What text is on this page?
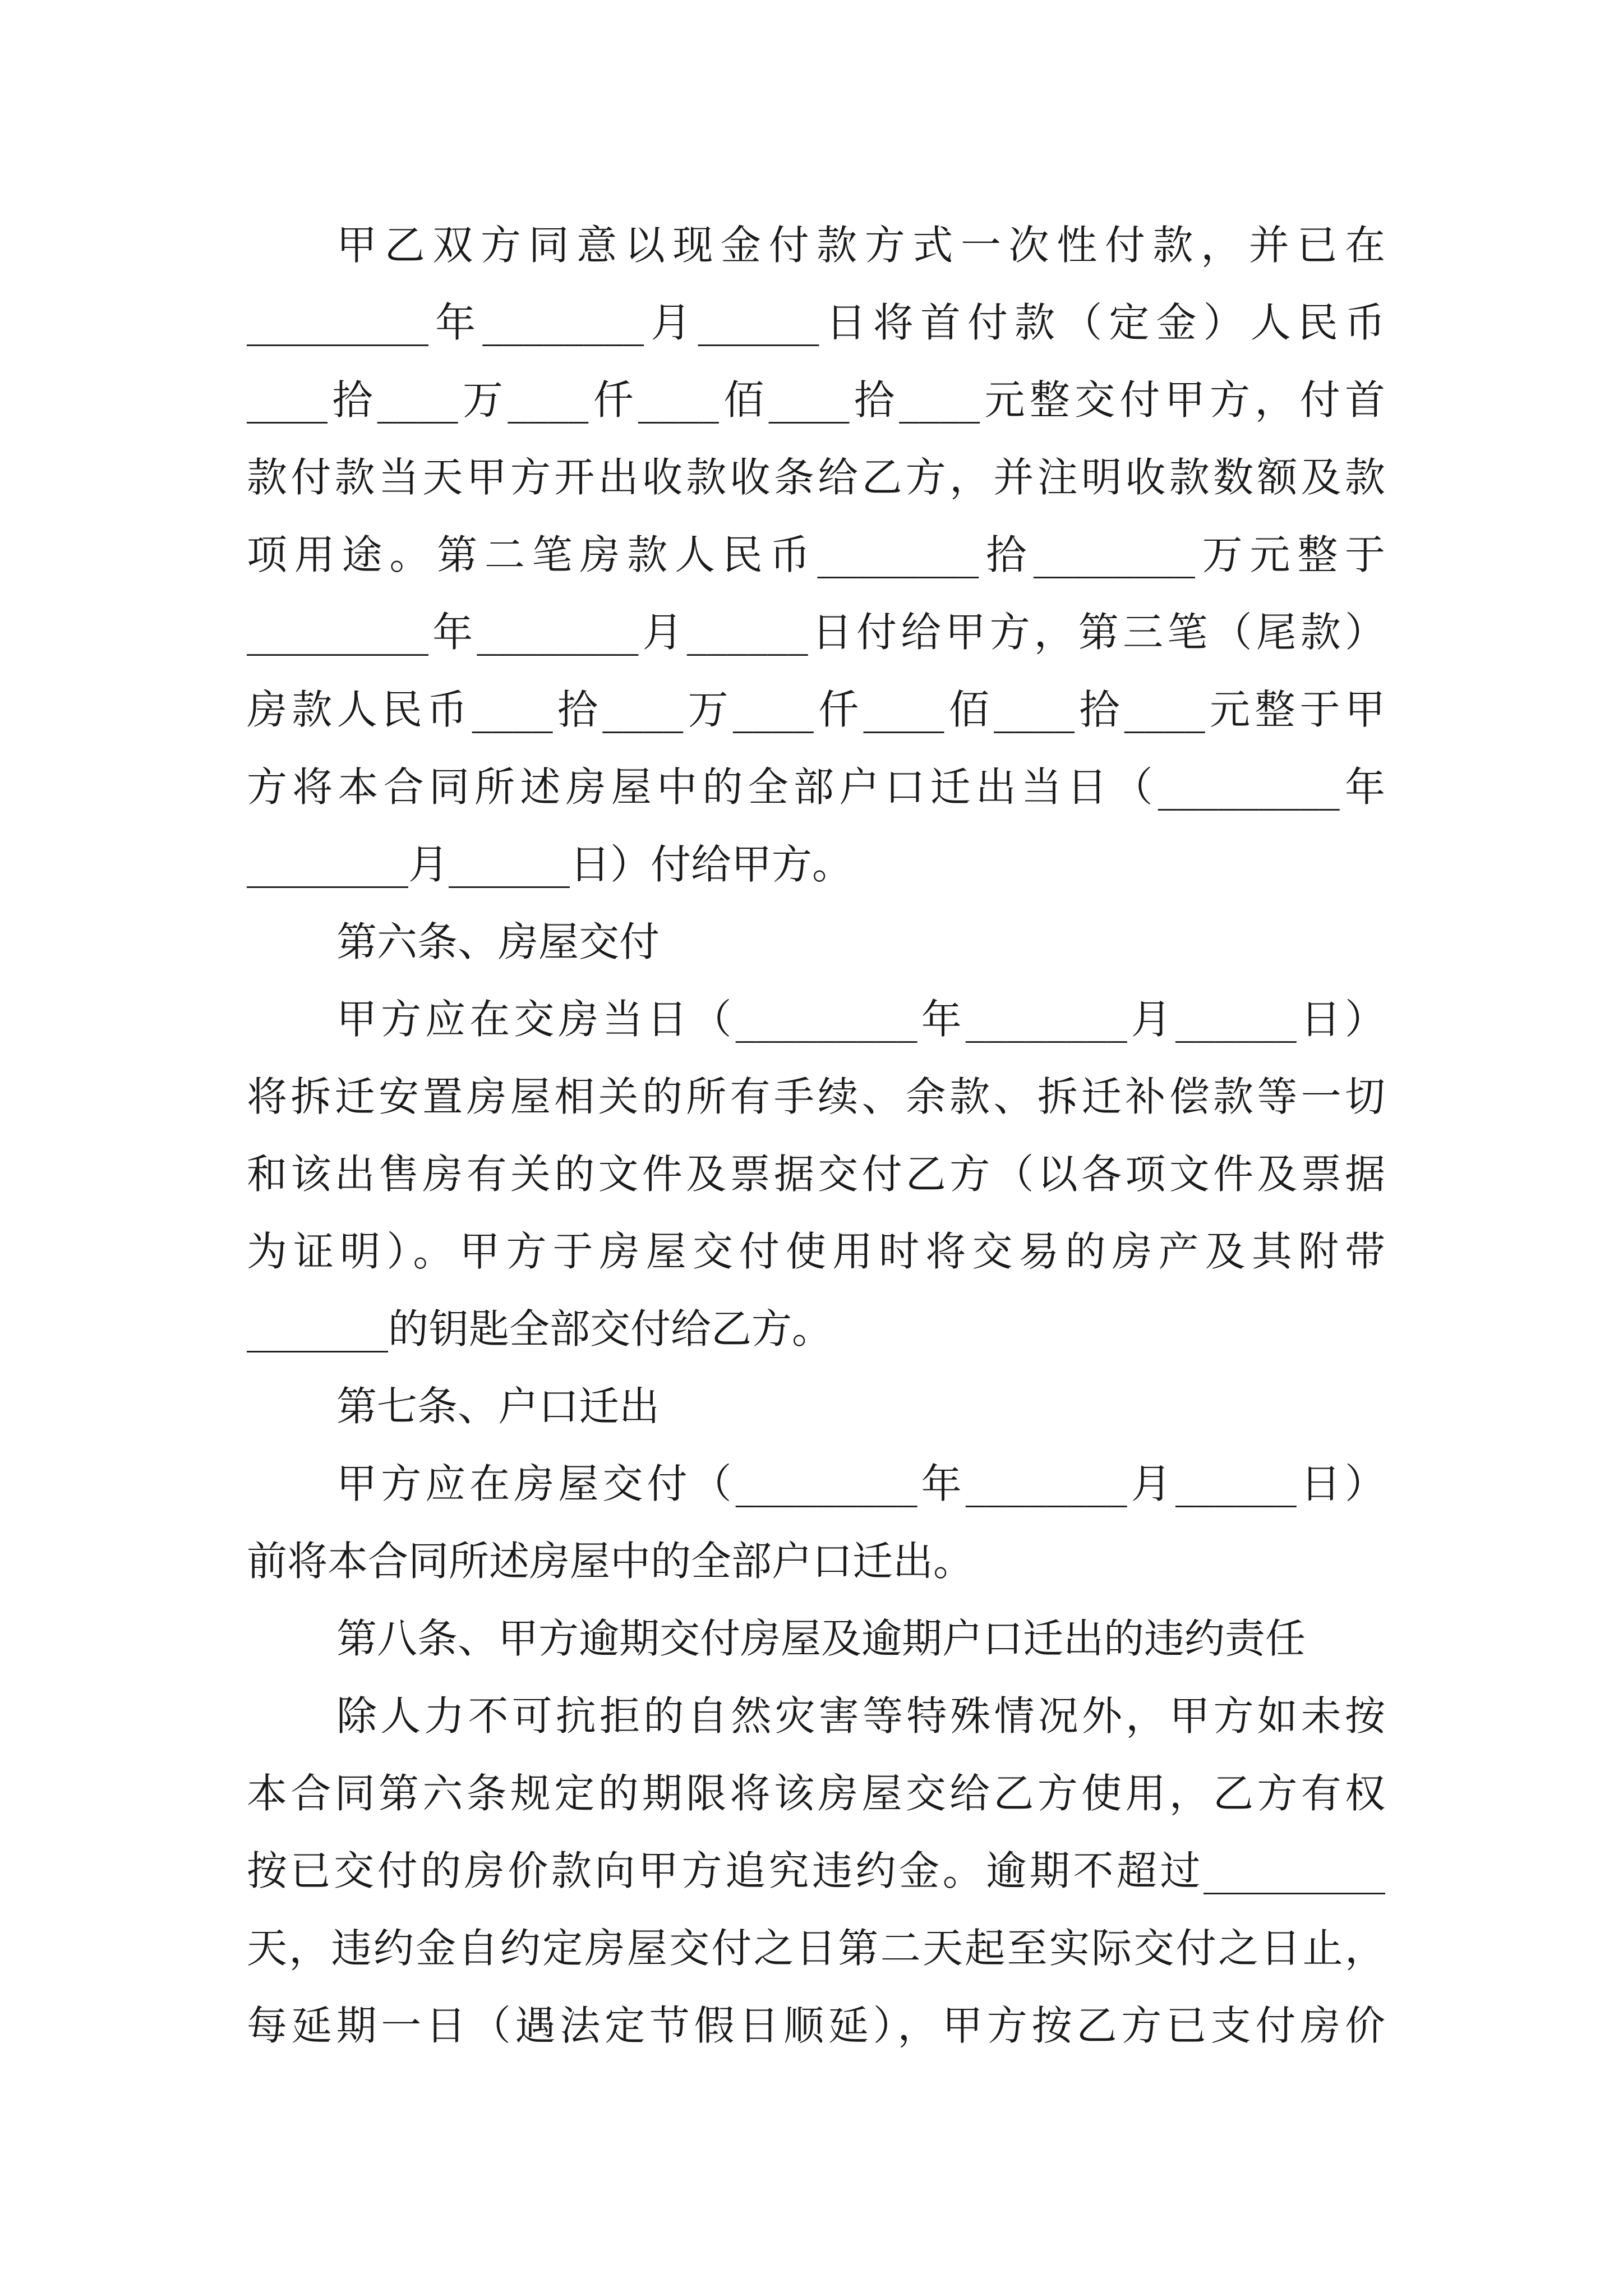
甲乙双方同意以现金付款方式一次性付款，并已在
_________年________月______日将首付款（定金）人民币
____拾____万____仟____佰____拾____元整交付甲方，付首
款付款当天甲方开出收款收条给乙方，并注明收款数额及款
项用途。第二笔房款人民币________拾________万元整于
_________年________月______日付给甲方，第三笔（尾款）
房款人民币____拾____万____仟____佰____拾____元整于甲
方将本合同所述房屋中的全部户口迁出当日（_________年
________月______日）付给甲方。
第六条、房屋交付
甲方应在交房当日（_________年________月______日）
将拆迁安置房屋相关的所有手续、余款、拆迁补偿款等一切
和该出售房有关的文件及票据交付乙方（以各项文件及票据
为证明）。甲方于房屋交付使用时将交易的房产及其附带
_______的钥匙全部交付给乙方。
第七条、户口迁出
甲方应在房屋交付（_________年________月______日）
前将本合同所述房屋中的全部户口迁出。
第八条、甲方逾期交付房屋及逾期户口迁出的违约责任
除人力不可抗拒的自然灾害等特殊情况外，甲方如未按
本合同第六条规定的期限将该房屋交给乙方使用，乙方有权
按已交付的房价款向甲方追究违约金。逾期不超过_________
天，违约金自约定房屋交付之日第二天起至实际交付之日止，
每延期一日（遇法定节假日顺延），甲方按乙方已支付房价
